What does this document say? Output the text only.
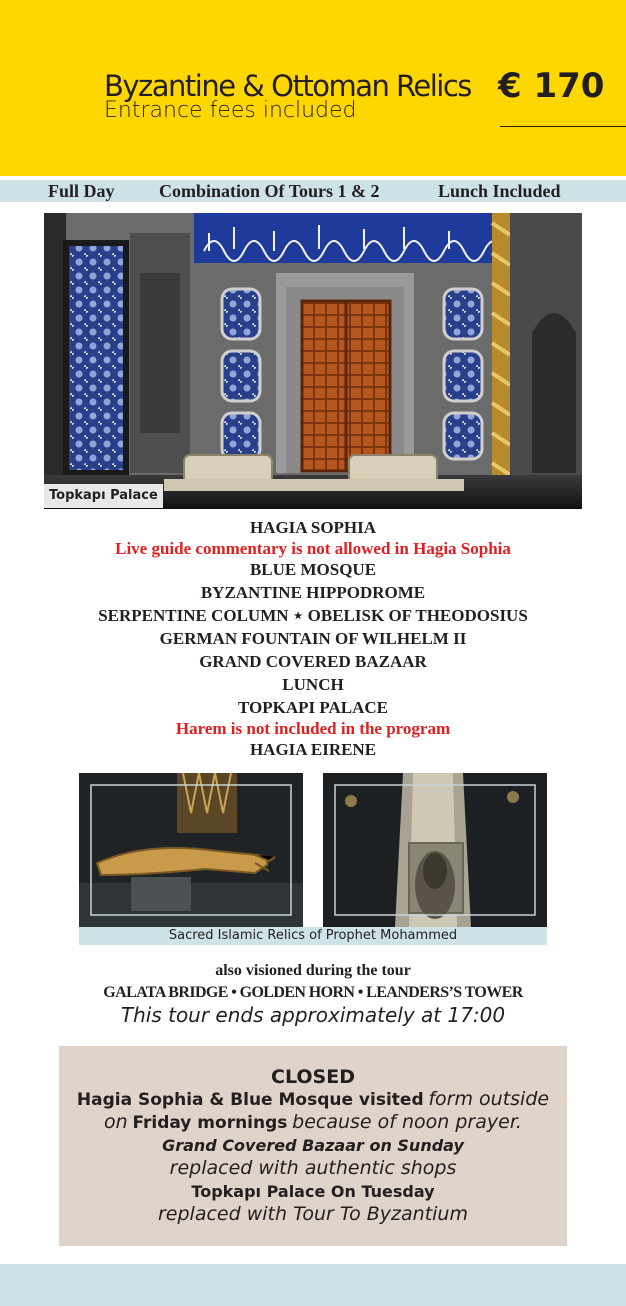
Byzantine & Ottoman Relics
Entrance fees included
€ 170
Full Day Combination Of Tours 1 & 2	Lunch Included
Topkapı Palace
HAGIA SOPHIA
Live guide commentary is not allowed in Hagia Sophia
BLUE MOSQUE
BYZANTINE HIPPODROME
SERPENTINE COLUMN ⋆ OBELISK OF THEODOSIUS
GERMAN FOUNTAIN OF WILHELM II
GRAND COVERED BAZAAR
LUNCH
TOPKAPI PALACE
Harem is not included in the program
HAGIA EIRENE
Sacred Islamic Relics of Prophet Mohammed
also visioned during the tour
GALATA BRIDGE • GOLDEN HORN • LEANDERS’S TOWER
This tour ends approximately at 17:00
CLOSED
Hagia Sophia & Blue Mosque visited form outside
on Friday mornings because of noon prayer.
Grand Covered Bazaar on Sunday
replaced with authentic shops
Topkapı Palace On Tuesday
replaced with Tour To Byzantium
